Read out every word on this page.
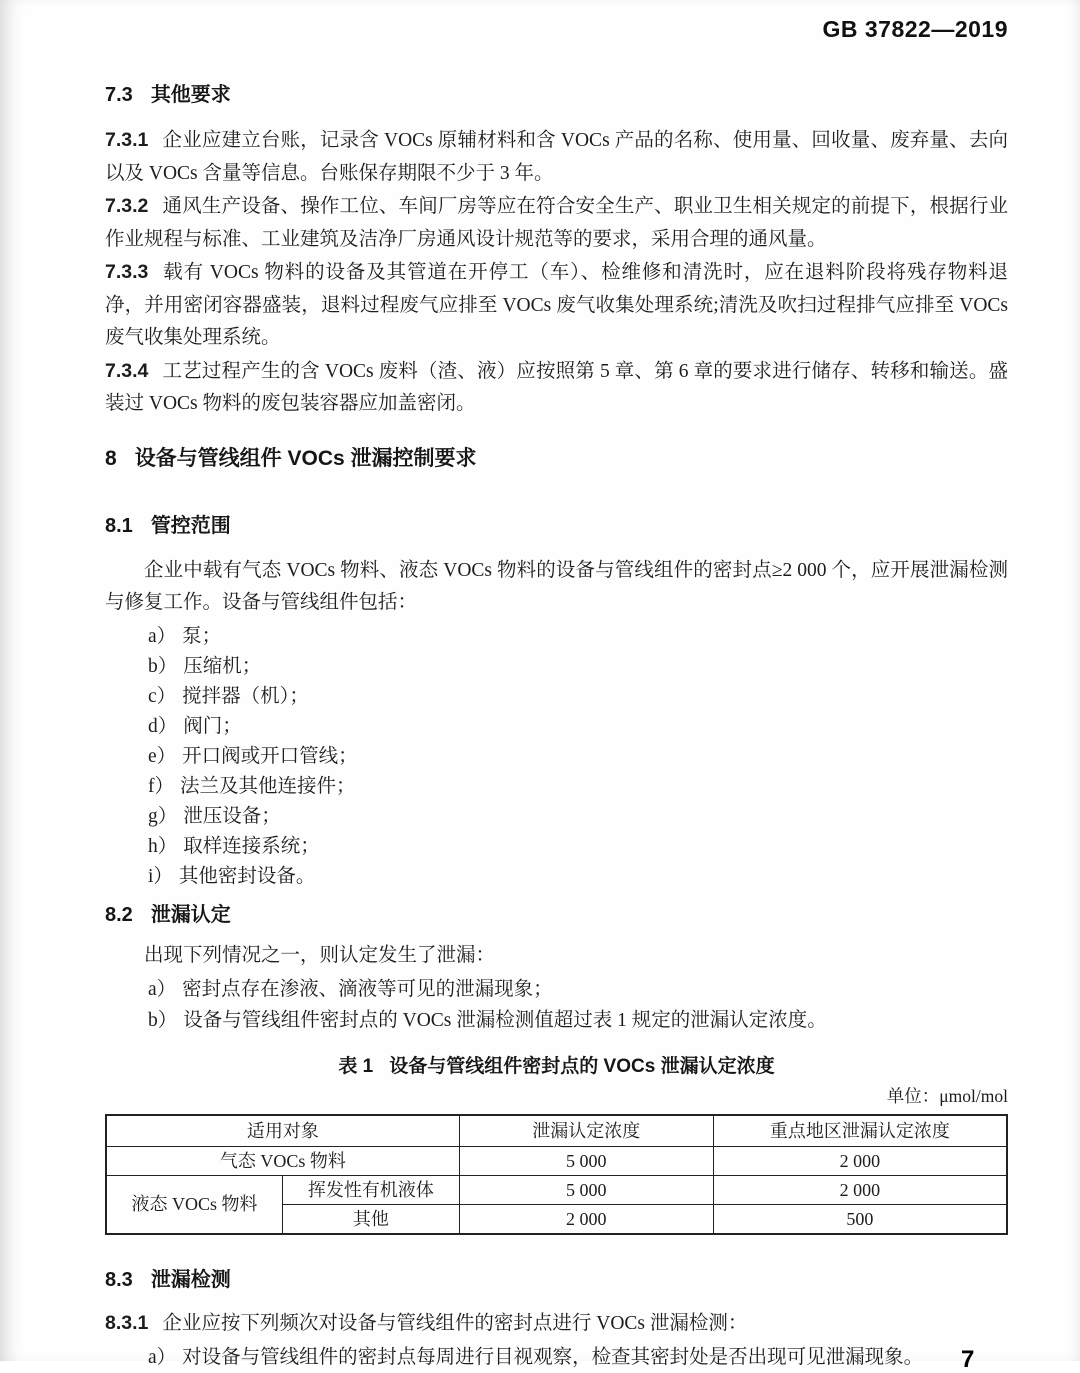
GB 37822—2019
7.3 其他要求

7.3.1 企业应建立台账，记录含 VOCs 原辅材料和含 VOCs 产品的名称、使用量、回收量、废弃量、去向以及 VOCs 含量等信息。台账保存期限不少于 3 年。

7.3.2 通风生产设备、操作工位、车间厂房等应在符合安全生产、职业卫生相关规定的前提下，根据行业作业规程与标准、工业建筑及洁净厂房通风设计规范等的要求，采用合理的通风量。

7.3.3 载有 VOCs 物料的设备及其管道在开停工（车）、检维修和清洗时，应在退料阶段将残存物料退净，并用密闭容器盛装，退料过程废气应排至 VOCs 废气收集处理系统;清洗及吹扫过程排气应排至 VOCs 废气收集处理系统。

7.3.4 工艺过程产生的含 VOCs 废料（渣、液）应按照第 5 章、第 6 章的要求进行储存、转移和输送。盛装过 VOCs 物料的废包装容器应加盖密闭。

8 设备与管线组件 VOCs 泄漏控制要求
8.1 管控范围

企业中载有气态 VOCs 物料、液态 VOCs 物料的设备与管线组件的密封点≥2 000 个，应开展泄漏检测与修复工作。设备与管线组件包括：

a） 泵；
b） 压缩机；
c） 搅拌器（机）；
d） 阀门；
e） 开口阀或开口管线；
f） 法兰及其他连接件；
g） 泄压设备；
h） 取样连接系统；
i） 其他密封设备。
8.2 泄漏认定

出现下列情况之一，则认定发生了泄漏：

a） 密封点存在渗液、滴液等可见的泄漏现象；
b） 设备与管线组件密封点的 VOCs 泄漏检测值超过表 1 规定的泄漏认定浓度。
表 1 设备与管线组件密封点的 VOCs 泄漏认定浓度
单位：μmol/mol
适用对象		泄漏认定浓度	重点地区泄漏认定浓度
气态 VOCs 物料		5 000	2 000
液态 VOCs 物料	挥发性有机液体	5 000	2 000
	其他	2 000	500
8.3 泄漏检测

8.3.1 企业应按下列频次对设备与管线组件的密封点进行 VOCs 泄漏检测：

a） 对设备与管线组件的密封点每周进行目视观察，检查其密封处是否出现可见泄漏现象。	7
